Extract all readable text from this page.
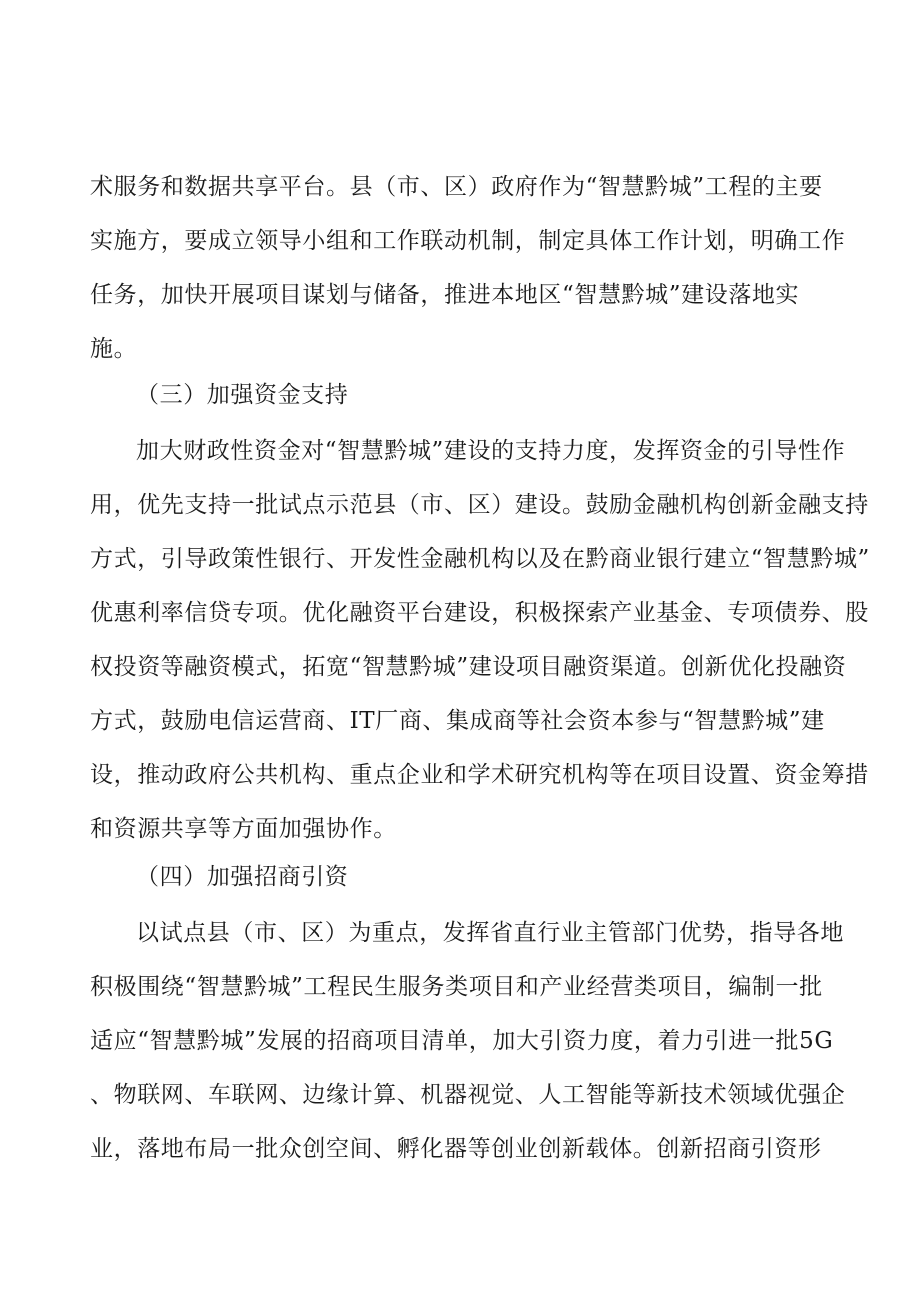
术服务和数据共享平台。县（市、区）政府作为“智慧黔城”工程的主要
实施方，要成立领导小组和工作联动机制，制定具体工作计划，明确工作
任务，加快开展项目谋划与储备，推进本地区“智慧黔城”建设落地实
施。
（三）加强资金支持
加大财政性资金对“智慧黔城”建设的支持力度，发挥资金的引导性作
用，优先支持一批试点示范县（市、区）建设。鼓励金融机构创新金融支持
方式，引导政策性银行、开发性金融机构以及在黔商业银行建立“智慧黔城”
优惠利率信贷专项。优化融资平台建设，积极探索产业基金、专项债券、股
权投资等融资模式，拓宽“智慧黔城”建设项目融资渠道。创新优化投融资
方式，鼓励电信运营商、IT厂商、集成商等社会资本参与“智慧黔城”建
设，推动政府公共机构、重点企业和学术研究机构等在项目设置、资金筹措
和资源共享等方面加强协作。
（四）加强招商引资
以试点县（市、区）为重点，发挥省直行业主管部门优势，指导各地
积极围绕“智慧黔城”工程民生服务类项目和产业经营类项目，编制一批
适应“智慧黔城”发展的招商项目清单，加大引资力度，着力引进一批5G
、物联网、车联网、边缘计算、机器视觉、人工智能等新技术领域优强企
业，落地布局一批众创空间、孵化器等创业创新载体。创新招商引资形
